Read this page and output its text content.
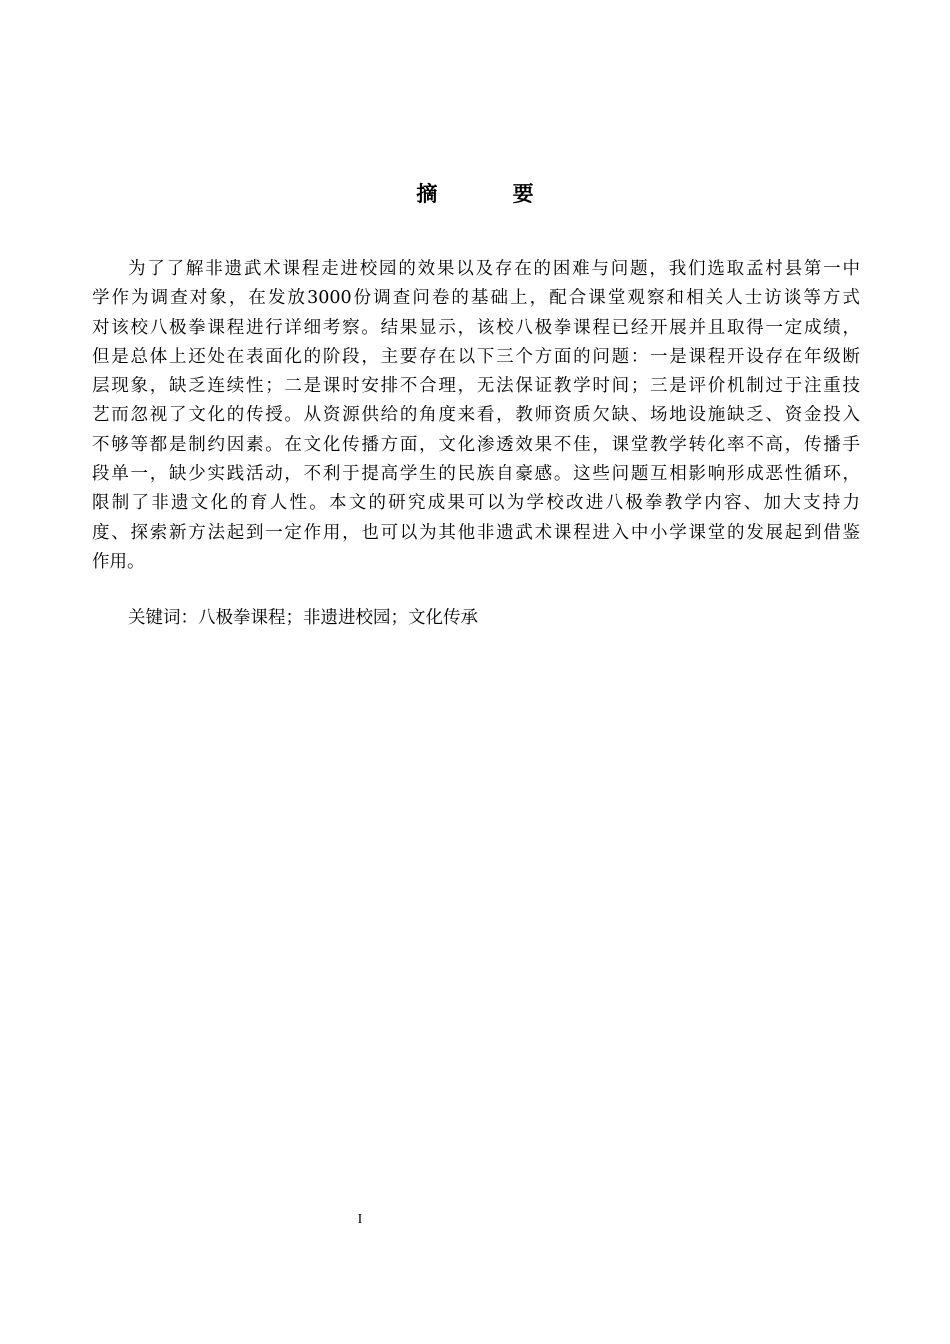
摘 要
为了了解非遗武术课程走进校园的效果以及存在的困难与问题，我们选取孟村县第一中
学作为调查对象，在发放3000份调查问卷的基础上，配合课堂观察和相关人士访谈等方式
对该校八极拳课程进行详细考察。结果显示，该校八极拳课程已经开展并且取得一定成绩，
但是总体上还处在表面化的阶段，主要存在以下三个方面的问题：一是课程开设存在年级断
层现象，缺乏连续性；二是课时安排不合理，无法保证教学时间；三是评价机制过于注重技
艺而忽视了文化的传授。从资源供给的角度来看，教师资质欠缺、场地设施缺乏、资金投入
不够等都是制约因素。在文化传播方面，文化渗透效果不佳，课堂教学转化率不高，传播手
段单一，缺少实践活动，不利于提高学生的民族自豪感。这些问题互相影响形成恶性循环，
限制了非遗文化的育人性。本文的研究成果可以为学校改进八极拳教学内容、加大支持力
度、探索新方法起到一定作用，也可以为其他非遗武术课程进入中小学课堂的发展起到借鉴
作用。
关键词：八极拳课程；非遗进校园；文化传承
I
